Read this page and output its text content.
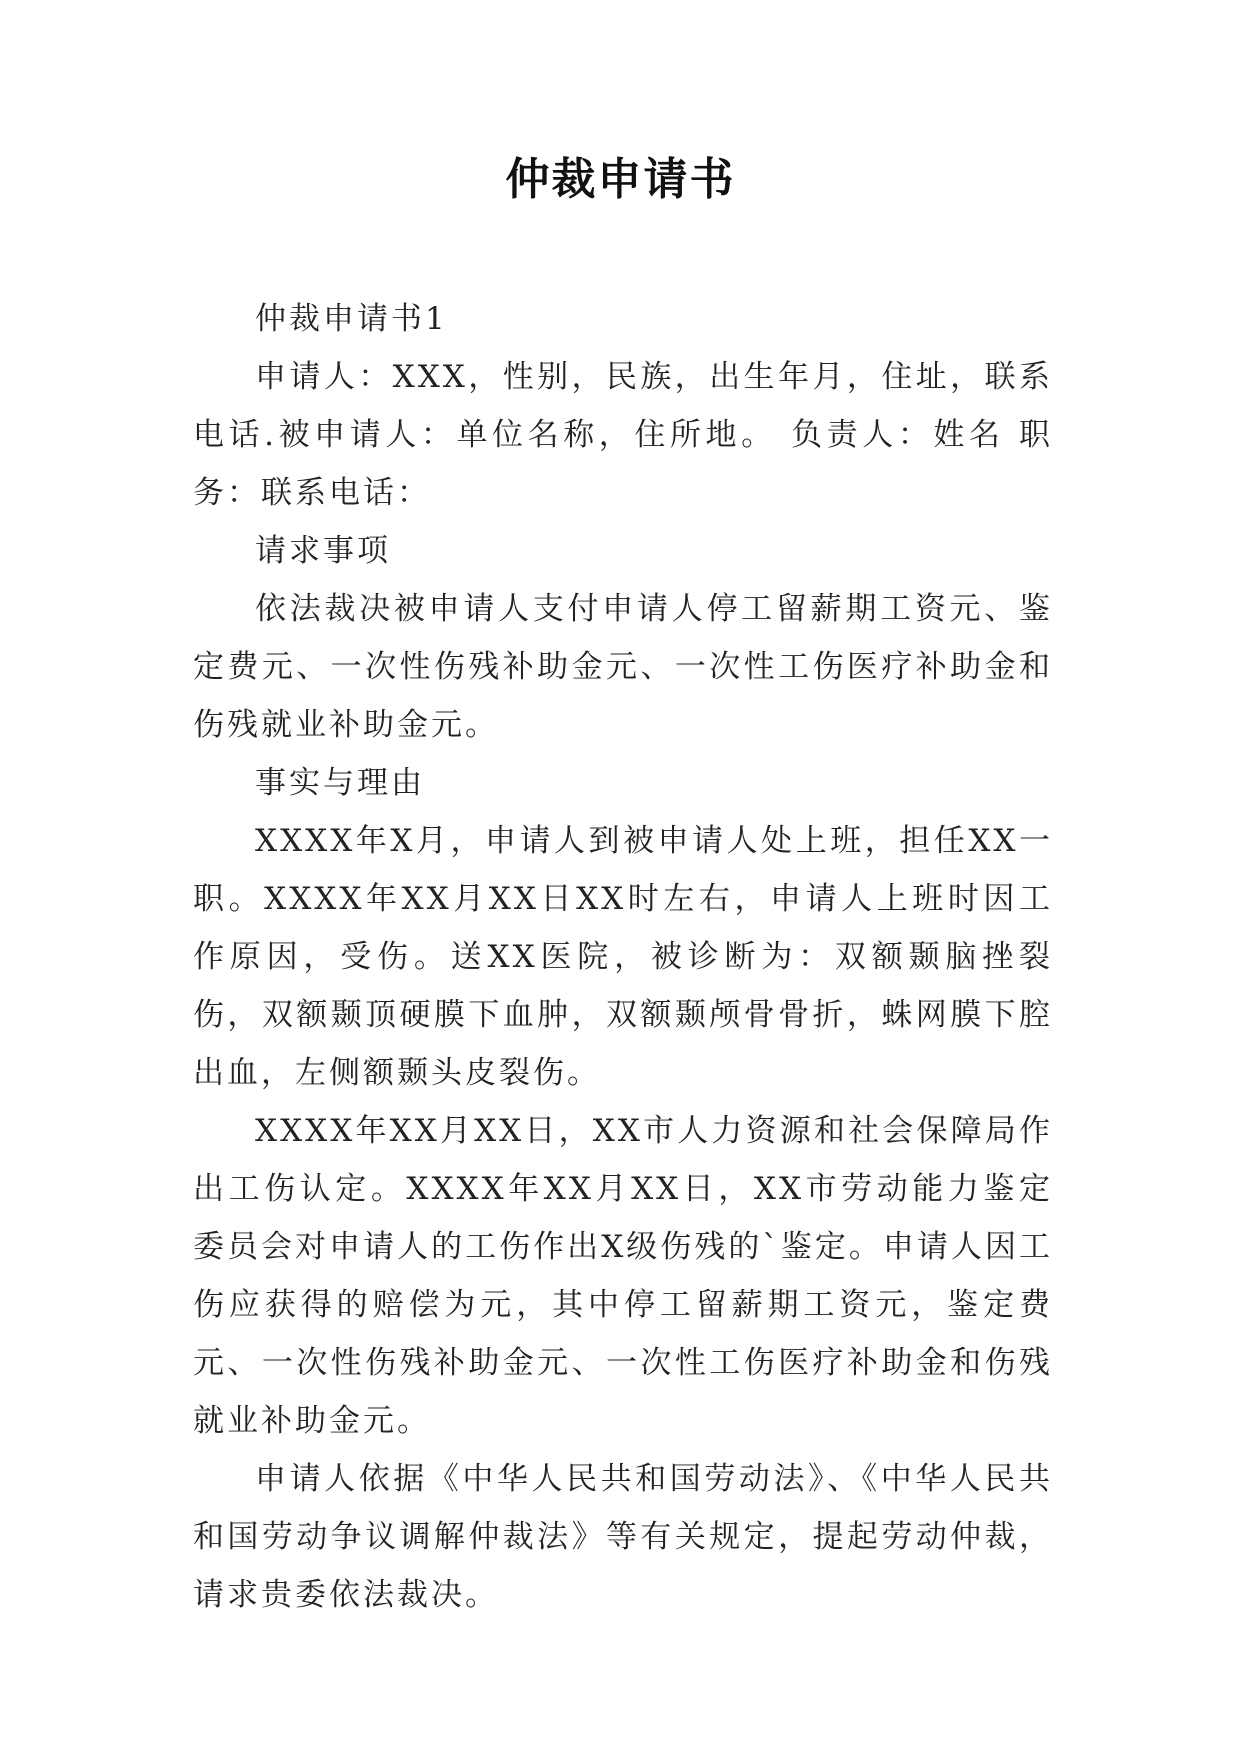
仲裁申请书

仲裁申请书1

申请人：XXX，性别，民族，出生年月，住址，联系电话.被申请人：单位名称，住所地。 负责人：姓名 职务：联系电话：

请求事项

依法裁决被申请人支付申请人停工留薪期工资元、鉴定费元、一次性伤残补助金元、一次性工伤医疗补助金和伤残就业补助金元。

事实与理由

XXXX年X月，申请人到被申请人处上班，担任XX一职。XXXX年XX月XX日XX时左右，申请人上班时因工作原因，受伤。送XX医院，被诊断为：双额颞脑挫裂伤，双额颞顶硬膜下血肿，双额颞颅骨骨折，蛛网膜下腔出血，左侧额颞头皮裂伤。

XXXX年XX月XX日，XX市人力资源和社会保障局作出工伤认定。XXXX年XX月XX日，XX市劳动能力鉴定委员会对申请人的工伤作出X级伤残的`鉴定。申请人因工伤应获得的赔偿为元，其中停工留薪期工资元，鉴定费元、一次性伤残补助金元、一次性工伤医疗补助金和伤残就业补助金元。

申请人依据《中华人民共和国劳动法》、《中华人民共和国劳动争议调解仲裁法》等有关规定，提起劳动仲裁，请求贵委依法裁决。
